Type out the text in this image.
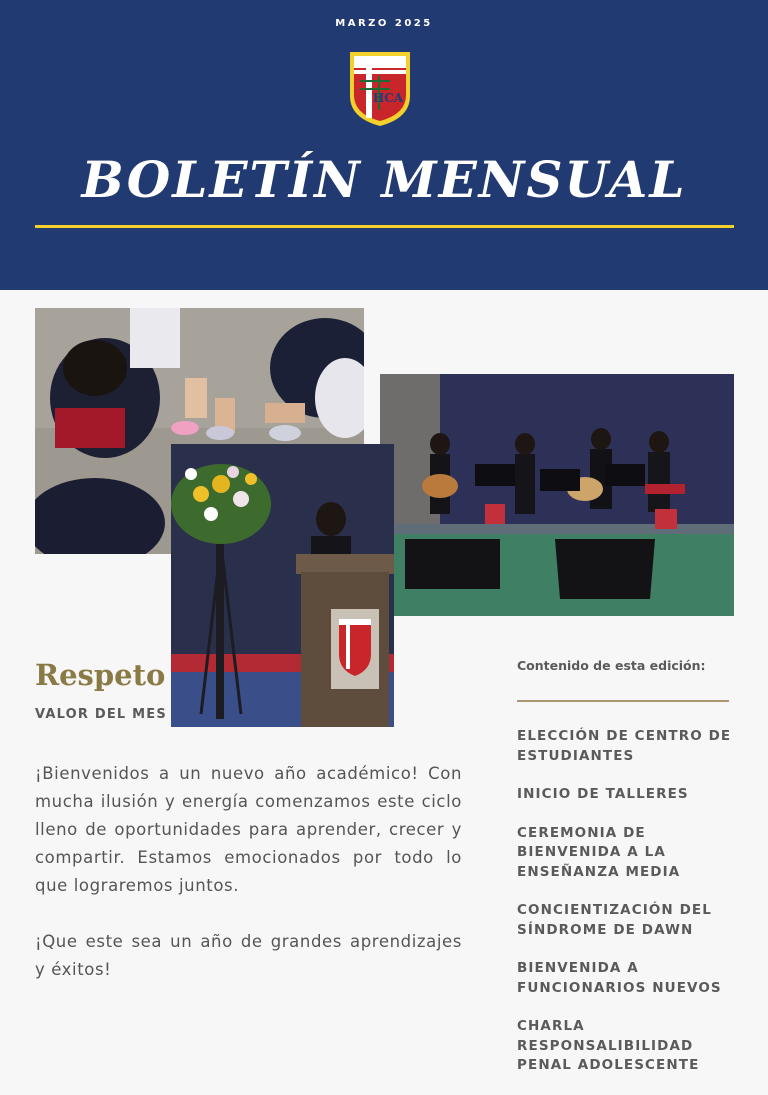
MARZO 2025
HCA
BOLETÍN MENSUAL
Respeto
VALOR DEL MES

¡Bienvenidos a un nuevo año académico! Con mucha ilusión y energía comenzamos este ciclo lleno de oportunidades para aprender, crecer y compartir. Estamos emocionados por todo lo que lograremos juntos.

¡Que este sea un año de grandes aprendizajes y éxitos!

Contenido de esta edición:
ELECCIÓN DE CENTRO DE ESTUDIANTES
INICIO DE TALLERES
CEREMONIA DE BIENVENIDA A LA ENSEÑANZA MEDIA
CONCIENTIZACIÓN DEL SÍNDROME DE DAWN
BIENVENIDA A FUNCIONARIOS NUEVOS
CHARLA RESPONSALIBILIDAD PENAL ADOLESCENTE
